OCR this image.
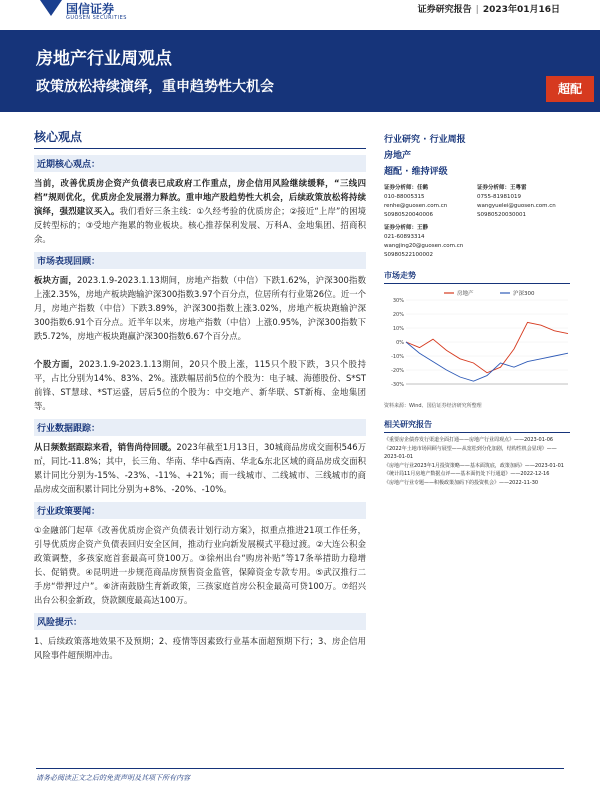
国信证券
GUOSEN SECURITIES
证券研究报告 | 2023年01月16日
房地产行业周观点
政策放松持续演绎，重申趋势性大机会	超配
核心观点
近期核心观点：
当前，改善优质房企资产负债表已成政府工作重点，房企信用风险继续缓释，“三线四档”规则优化，优质房企发展潜力释放。重申地产股趋势性大机会，后续政策放松将持续演绎，强烈建议买入。我们看好三条主线：①久经考验的优质房企；②接近“上岸”的困境反转型标的；③受地产拖累的物业板块。核心推荐保利发展、万科A、金地集团、招商积余。
市场表现回顾：
板块方面，2023.1.9-2023.1.13期间，房地产指数（中信）下跌1.62%，沪深300指数上涨2.35%，房地产板块跑输沪深300指数3.97个百分点，位居所有行业第26位。近一个月，房地产指数（中信）下跌3.89%，沪深300指数上涨3.02%，房地产板块跑输沪深300指数6.91个百分点。近半年以来，房地产指数（中信）上涨0.95%，沪深300指数下跌5.72%，房地产板块跑赢沪深300指数6.67个百分点。

个股方面，2023.1.9-2023.1.13期间，20只个股上涨，115只个股下跌，3只个股持平，占比分别为14%、83%、2%。涨跌幅居前5位的个股为：电子城、海德股份、S*ST前锋、ST慧球、*ST运盛，居后5位的个股为：中交地产、新华联、ST新梅、金地集团等。
行业数据跟踪：
从日频数据跟踪来看，销售尚待回暖。2023年截至1月13日，30城商品房成交面积546万㎡，同比-11.8%；其中，长三角、华南、华中&西南、华北&东北区域的商品房成交面积累计同比分别为-15%、-23%、-11%、+21%；而一线城市、二线城市、三线城市的商品房成交面积累计同比分别为+8%、-20%、-10%。
行业政策要闻：
①金融部门起草《改善优质房企资产负债表计划行动方案》，拟重点推进21项工作任务，引导优质房企资产负债表回归安全区间，推动行业向新发展模式平稳过渡。②大连公积金政策调整，多孩家庭首套最高可贷100万。③徐州出台“购房补贴”等17条举措助力稳增长、促销费。④昆明进一步规范商品房预售资金监管，保障资金专款专用。⑤武汉推行二手房“带押过户”。⑥济南鼓励生育新政策，三孩家庭首房公积金最高可贷100万。⑦绍兴出台公积金新政，贷款额度最高达100万。
风险提示：
1、后续政策落地效果不及预期；2、疫情等因素致行业基本面超预期下行；3、房企信用风险事件超预期冲击。
行业研究 · 行业周报
房地产
超配 · 维持评级
证券分析师：任鹤
010-88005315
renhe@guosen.com.cn
S0980520040006
证券分析师：王粤雷
0755-81981019
wangyuelei@guosen.com.cn
S0980520030001
证券分析师：王静
021-60893314
wangjing20@guosen.com.cn
S0980522100002
市场走势
30%
20%
10%
0%
-10%
-20%
-30%
房地产	沪深300
资料来源：Wind、国信证券经济研究所整理
相关研究报告
《重要房企债券发行渠道全面打通——房地产行业周观点》——2023-01-06
《2022年土地市场回顾与展望——从宽松到分化加剧，结构性机会显现》——2023-01-01
《房地产行业2023年1月投资策略——基本面筑底，政策加码》——2023-01-01
《统计局11月房地产数据点评——基本面仍处下行通道》——2022-12-16
《房地产行业专题——积极政策加码下的投资机会》——2022-11-30
请务必阅读正文之后的免责声明及其项下所有内容
